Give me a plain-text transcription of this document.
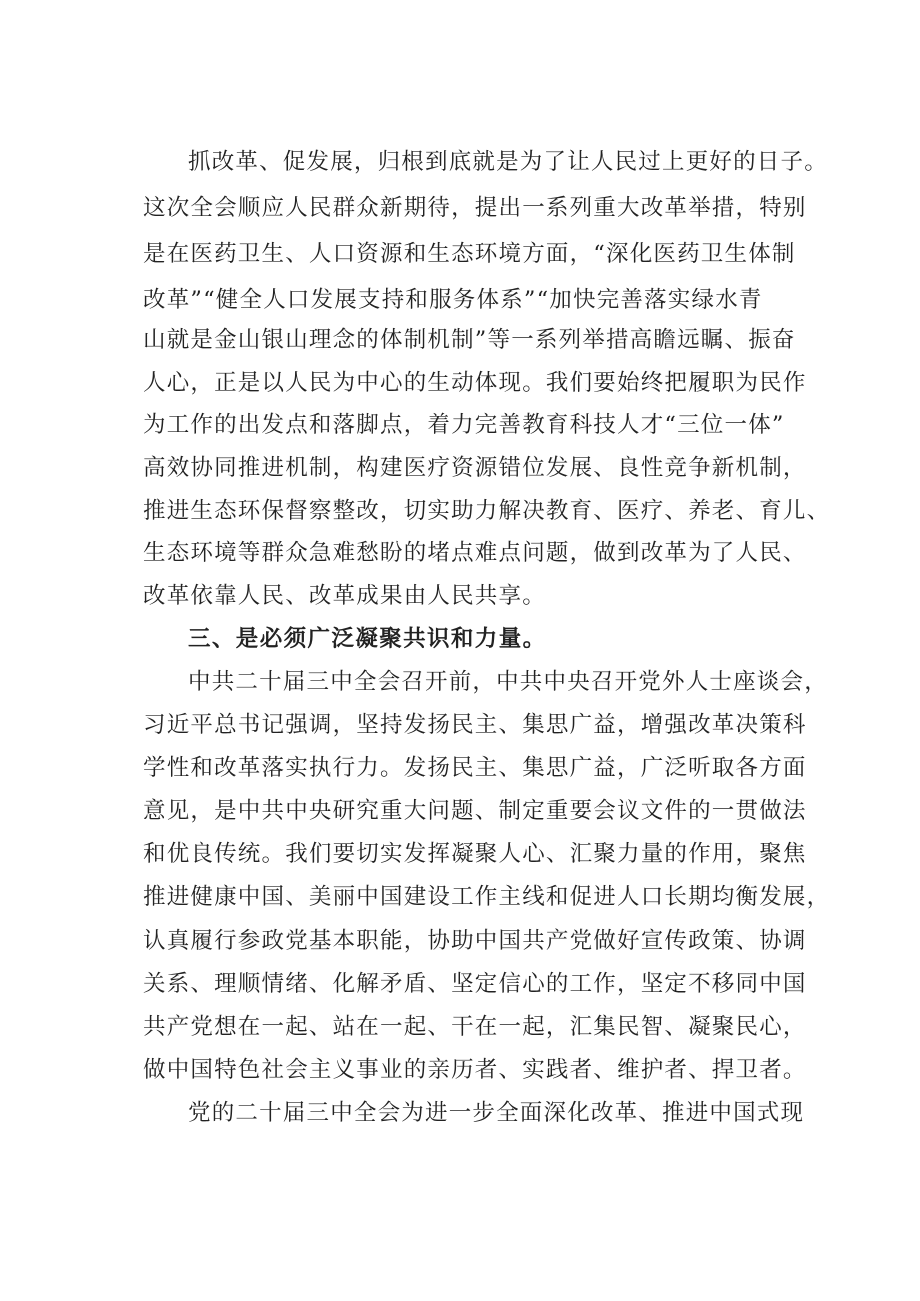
抓改革、促发展，归根到底就是为了让人民过上更好的日子。
这次全会顺应人民群众新期待，提出一系列重大改革举措，特别
是在医药卫生、人口资源和生态环境方面，“深化医药卫生体制
改革”“健全人口发展支持和服务体系”“加快完善落实绿水青
山就是金山银山理念的体制机制”等一系列举措高瞻远瞩、振奋
人心，正是以人民为中心的生动体现。我们要始终把履职为民作
为工作的出发点和落脚点，着力完善教育科技人才“三位一体”
高效协同推进机制，构建医疗资源错位发展、良性竞争新机制，
推进生态环保督察整改，切实助力解决教育、医疗、养老、育儿、
生态环境等群众急难愁盼的堵点难点问题，做到改革为了人民、
改革依靠人民、改革成果由人民共享。
三、是必须广泛凝聚共识和力量。
中共二十届三中全会召开前，中共中央召开党外人士座谈会，
习近平总书记强调，坚持发扬民主、集思广益，增强改革决策科
学性和改革落实执行力。发扬民主、集思广益，广泛听取各方面
意见，是中共中央研究重大问题、制定重要会议文件的一贯做法
和优良传统。我们要切实发挥凝聚人心、汇聚力量的作用，聚焦
推进健康中国、美丽中国建设工作主线和促进人口长期均衡发展，
认真履行参政党基本职能，协助中国共产党做好宣传政策、协调
关系、理顺情绪、化解矛盾、坚定信心的工作，坚定不移同中国
共产党想在一起、站在一起、干在一起，汇集民智、凝聚民心，
做中国特色社会主义事业的亲历者、实践者、维护者、捍卫者。
党的二十届三中全会为进一步全面深化改革、推进中国式现
